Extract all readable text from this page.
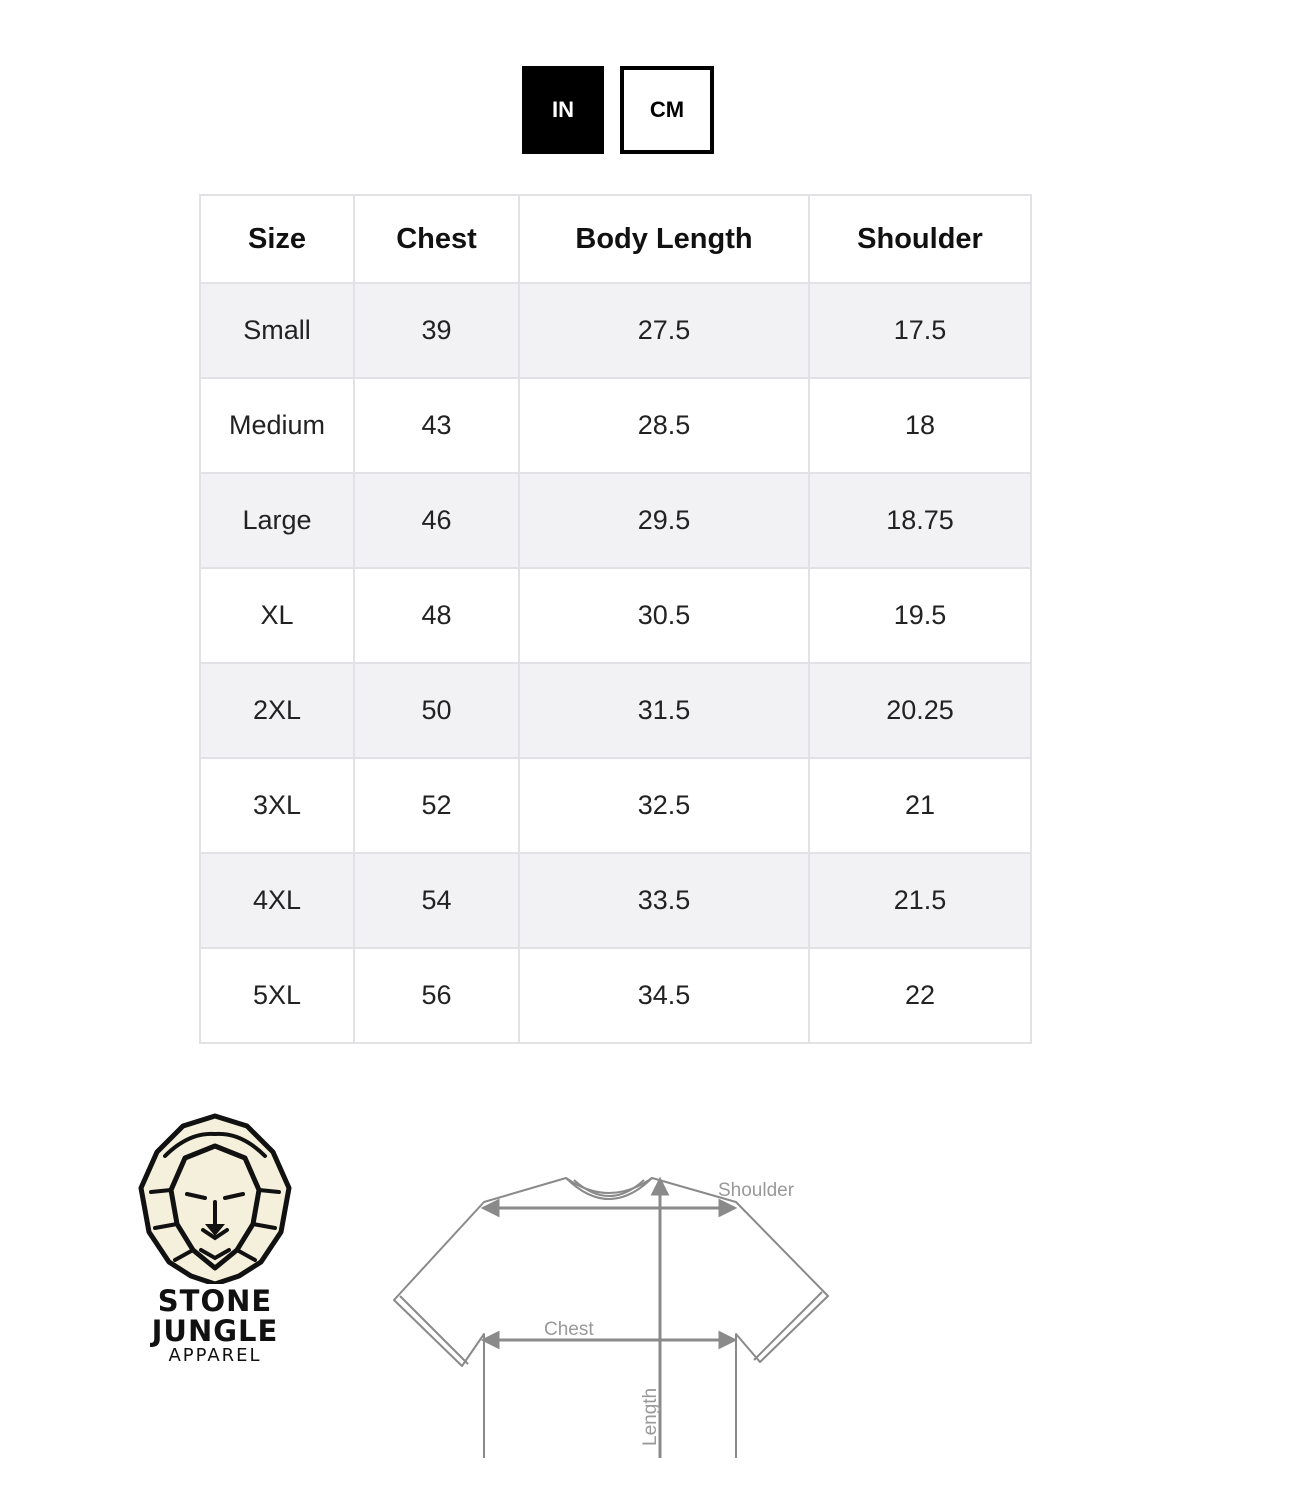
IN	CM
Size	Chest	Body Length	Shoulder
Small	39	27.5	17.5
Medium	43	28.5	18
Large	46	29.5	18.75
XL	48	30.5	19.5
2XL	50	31.5	20.25
3XL	52	32.5	21
4XL	54	33.5	21.5
5XL	56	34.5	22
STONE JUNGLE
APPAREL
Shoulder
Chest
Length
